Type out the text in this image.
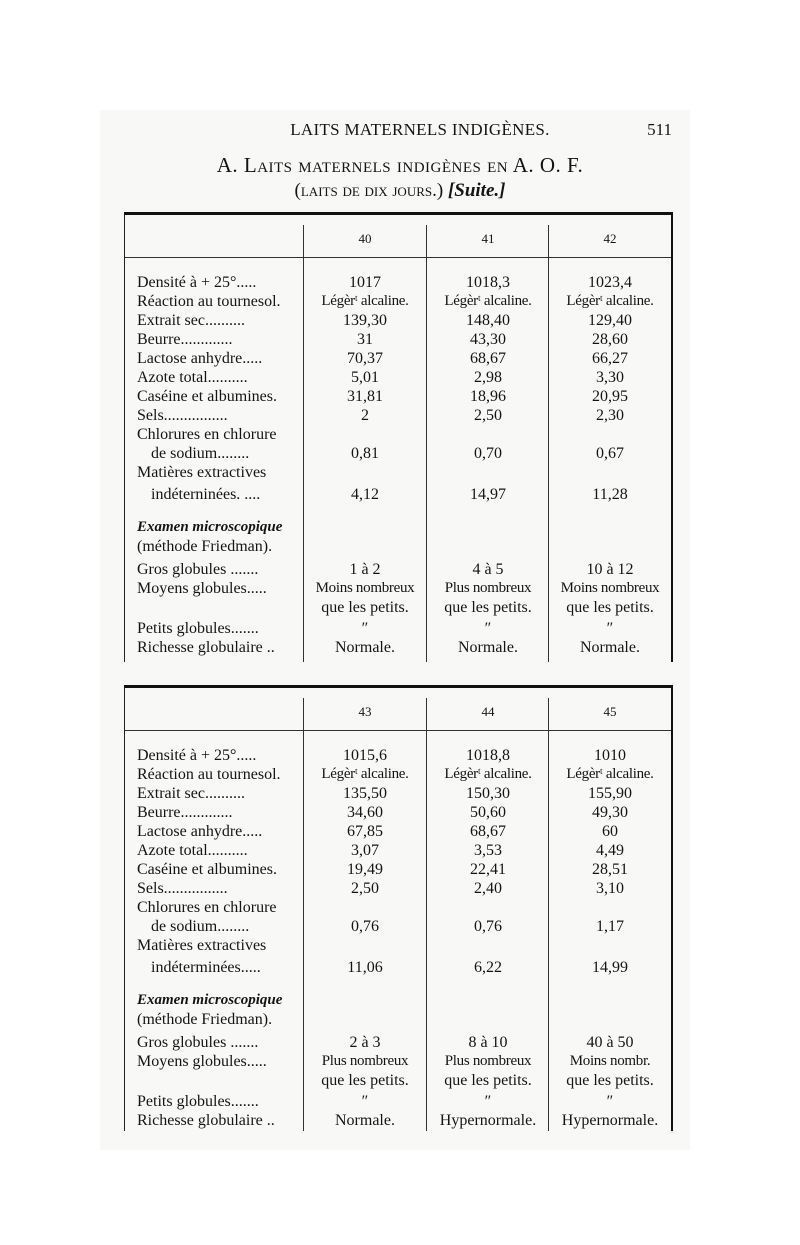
LAITS MATERNELS INDIGÈNES.	511
A. Laits maternels indigènes en A. O. F.
(laits de dix jours.) [Suite.]
40	41	42
Densité à + 25°.....	1017	1018,3	1023,4
Réaction au tournesol.	Légèrᵗ alcaline.	Légèrᵗ alcaline.	Légèrᵗ alcaline.
Extrait sec..........	139,30	148,40	129,40
Beurre.............	31	43,30	28,60
Lactose anhydre.....	70,37	68,67	66,27
Azote total..........	5,01	2,98	3,30
Caséine et albumines.	31,81	18,96	20,95
Sels................	2	2,50	2,30
Chlorures en chlorure
de sodium........	0,81	0,70	0,67
Matières extractives
indéterninées. ....	4,12	14,97	11,28
Examen microscopique
(méthode Friedman).
Gros globules .......	1 à 2	4 à 5	10 à 12
Moyens globules.....	Moins nombreux	Plus nombreux	Moins nombreux
que les petits.	que les petits.	que les petits.
Petits globules.......	″	″	″
Richesse globulaire ..	Normale.	Normale.	Normale.
43	44	45
Densité à + 25°.....	1015,6	1018,8	1010
Réaction au tournesol.	Légèrᵗ alcaline.	Légèrᵗ alcaline.	Légèrᵗ alcaline.
Extrait sec..........	135,50	150,30	155,90
Beurre.............	34,60	50,60	49,30
Lactose anhydre.....	67,85	68,67	60
Azote total..........	3,07	3,53	4,49
Caséine et albumines.	19,49	22,41	28,51
Sels................	2,50	2,40	3,10
Chlorures en chlorure
de sodium........	0,76	0,76	1,17
Matières extractives
indéterminées.....	11,06	6,22	14,99
Examen microscopique
(méthode Friedman).
Gros globules .......	2 à 3	8 à 10	40 à 50
Moyens globules.....	Plus nombreux	Plus nombreux	Moins nombr.
que les petits.	que les petits.	que les petits.
Petits globules.......	″	″	″
Richesse globulaire ..	Normale.	Hypernormale.	Hypernormale.
